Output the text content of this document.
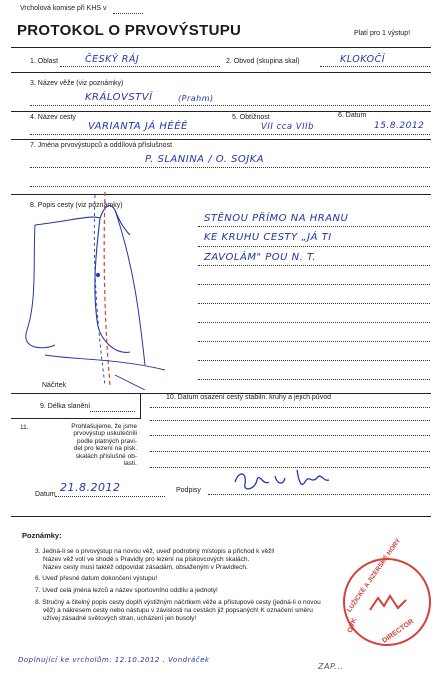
Vrcholová komise při KHS v
PROTOKOL O PRVOVÝSTUPU	Platí pro 1 výstup!
1. Oblast	ČESKÝ RÁJ	2. Obvod (skupina skal)	KLOKOČÍ
3. Název věže (viz poznámky)
KRÁLOVSTVÍ	(Prahm)
4. Název cesty
VARIANTA JÁ HÉÉÉ
5. Obtížnost
VII cca VIIb
6. Datum
15.8.2012
7. Jména prvovýstupců a oddílová příslušnost
P. SLANINA / O. SOJKA
8. Popis cesty (viz poznámky)
Náčrtek
STĚNOU PŘÍMO NA HRANU
KE KRUHU CESTY „JÁ TI
ZAVOLÁM" POU N. T.
9. Délka slanění
10. Datum osazení cesty stabiln. kruhy a jejich původ
11.	Prohlašujeme, že jsme
prvovýstup uskutečnili
podle platných pravi-
del pro lezení na pisk.
skalách příslušné ob-
lasti.
Datum
21.8.2012	Podpisy
Poznámky:
3. Jedná-li se o prvovýstup na novou věž, uveď podrobný místopis a přichod k věži!
Název věž volí ve shodě s Pravidly pro lezení na pískovcových skalách.
Název cesty musí taktéž odpovídat zásadám, obsaženým v Pravidlech.
6. Uveď přesné datum dokončení výstupu!
7. Uveď celá jména lezců a název sportovního oddílu a jednoty!
8. Stručný a čitelný popis cesty doplň výstižným náčrtkem věže a přístupové cesty (jedná-li o novou
věž) a nákresem cesty nebo nástupu v závislosti na cestách již popsaných! K označení směru
užívej zásadně světových stran, ucházení jen busoly!
Doplnující ke vrcholům: 12.10.2012 . Vondráček
ZAP...
LUŽICKÉ A JIZERSKÉ HORY
OVK	DIRECTOR
